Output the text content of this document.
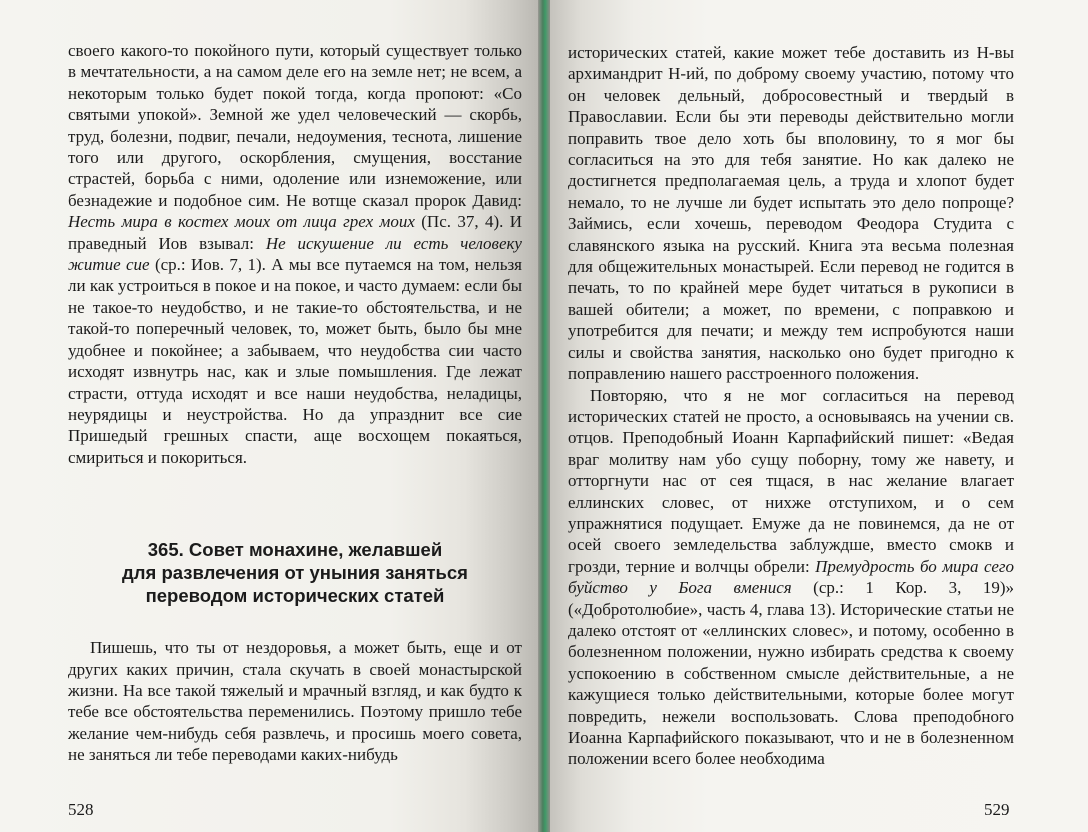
своего какого-то покойного пути, который существует только в мечтательности, а на самом деле его на земле нет; не всем, а некоторым только будет покой тогда, когда пропоют: «Со святыми упокой». Земной же удел человеческий — скорбь, труд, болезни, подвиг, печали, недоумения, теснота, лишение того или другого, оскорбления, смущения, восстание страстей, борьба с ними, одоление или изнеможение, или безнадежие и подобное сим. Не вотще сказал пророк Давид: Несть мира в костех моих от лица грех моих (Пс. 37, 4). И праведный Иов взывал: Не искушение ли есть человеку житие сие (ср.: Иов. 7, 1). А мы все путаемся на том, нельзя ли как устроиться в покое и на покое, и часто думаем: если бы не такое-то неудобство, и не такие-то обстоятельства, и не такой-то поперечный человек, то, может быть, было бы мне удобнее и покойнее; а забываем, что неудобства сии часто исходят извнутрь нас, как и злые помышления. Где лежат страсти, оттуда исходят и все наши неудобства, неладицы, неурядицы и неустройства. Но да упразднит все сие Пришедый грешных спасти, аще восхощем покаяться, смириться и покориться.

365. Совет монахине, желавшей
для развлечения от уныния заняться
переводом исторических статей

Пишешь, что ты от нездоровья, а может быть, еще и от других каких причин, стала скучать в своей монастырской жизни. На все такой тяжелый и мрачный взгляд, и как будто к тебе все обстоятельства переменились. Поэтому пришло тебе желание чем-нибудь себя развлечь, и просишь моего совета, не заняться ли тебе переводами каких-нибудь

528

исторических статей, какие может тебе доставить из Н-вы архимандрит Н-ий, по доброму своему участию, потому что он человек дельный, добросовестный и твердый в Православии. Если бы эти переводы действительно могли поправить твое дело хоть бы вполовину, то я мог бы согласиться на это для тебя занятие. Но как далеко не достигнется предполагаемая цель, а труда и хлопот будет немало, то не лучше ли будет испытать это дело попроще? Займись, если хочешь, переводом Феодора Студита с славянского языка на русский. Книга эта весьма полезная для общежительных монастырей. Если перевод не годится в печать, то по крайней мере будет читаться в рукописи в вашей обители; а может, по времени, с поправкою и употребится для печати; и между тем испробуются наши силы и свойства занятия, насколько оно будет пригодно к поправлению нашего расстроенного положения.

Повторяю, что я не мог согласиться на перевод исторических статей не просто, а основываясь на учении св. отцов. Преподобный Иоанн Карпафийский пишет: «Ведая враг молитву нам убо сущу поборну, тому же навету, и отторгнути нас от сея тщася, в нас желание влагает еллинских словес, от нихже отступихом, и о сем упражнятися подущает. Емуже да не повинемся, да не от осей своего земледельства заблуждше, вместо смокв и грозди, терние и волчцы обрели: Премудрость бо мира сего буйство у Бога вменися (ср.: 1 Кор. 3, 19)» («Добротолюбие», часть 4, глава 13). Исторические статьи не далеко отстоят от «еллинских словес», и потому, особенно в болезненном положении, нужно избирать средства к своему успокоению в собственном смысле действительные, а не кажущиеся только действительными, которые более могут повредить, нежели воспользовать. Слова преподобного Иоанна Карпафийского показывают, что и не в болезненном положении всего более необходима

529
